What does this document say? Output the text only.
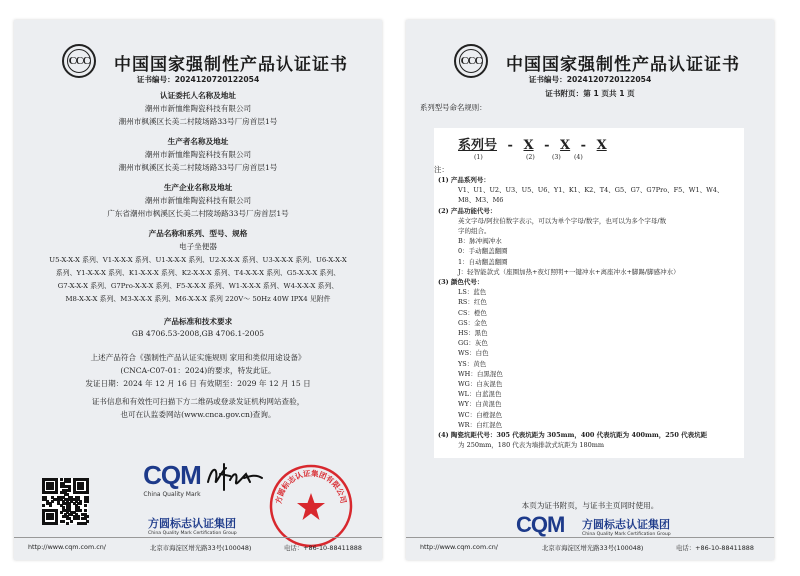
CCC	中国国家强制性产品认证证书
证书编号：2024120720122054
认证委托人名称及地址
潮州市新恤维陶瓷科技有限公司
潮州市枫溪区长美二村陵场路33号厂房首层1号
生产者名称及地址
潮州市新恤维陶瓷科技有限公司
潮州市枫溪区长美二村陵场路33号厂房首层1号
生产企业名称及地址
潮州市新恤维陶瓷科技有限公司
广东省潮州市枫溪区长美二村陵场路33号厂房首层1号
产品名称和系列、型号、规格
电子坐便器
U5-X-X-X 系列、V1-X-X-X 系列、U1-X-X-X 系列、U2-X-X-X 系列、U3-X-X-X 系列、U6-X-X-X
系列、Y1-X-X-X 系列、K1-X-X-X 系列、K2-X-X-X 系列、T4-X-X-X 系列、G5-X-X-X 系列、
G7-X-X-X 系列、G7Pro-X-X-X 系列、F5-X-X-X 系列、W1-X-X-X 系列、W4-X-X-X 系列、
M8-X-X-X 系列、M3-X-X-X 系列、M6-X-X-X 系列 220V～ 50Hz 40W IPX4 见附件
产品标准和技术要求
GB 4706.53-2008,GB 4706.1-2005
上述产品符合《强制性产品认证实施规则 家用和类似用途设备》
(CNCA-C07-01：2024)的要求，特发此证。
发证日期：2024 年 12 月 16 日 有效期至：2029 年 12 月 15 日
证书信息和有效性可扫描下方二维码或登录发证机构网站查验，
也可在认监委网站(www.cnca.gov.cn)查询。
CQM
China Quality Mark
方圆标志认证集团有限公司
方圆标志认证集团
China Quality Mark Certification Group
http://www.cqm.com.cn/	北京市海淀区增光路33号(100048)	电话：+86-10-88411888
CCC	中国国家强制性产品认证证书
证书编号：2024120720122054
证书附页：第 1 页共 1 页
系列型号命名规则：
系列号 - X - X - X
(1)	(2)	(3) (4)
注：
(1) 产品系列号：
V1、U1、U2、U3、U5、U6、Y1、K1、K2、T4、G5、G7、G7Pro、F5、W1、W4、
M8、M3、M6
(2) 产品功能代号：
英文字母/阿拉伯数字表示，可以为单个字母/数字，也可以为多个字母/数
字的组合。
B：脉冲阀冲水
0：手动翻盖翻圈
1：自动翻盖翻圈
J：轻智能款式（座圈加热+夜灯照明+一键冲水+离座冲水+脚踢/脚感冲水）
(3) 颜色代号：
LS：蓝色
RS：红色
CS：橙色
GS：金色
HS：黑色
GG：灰色
WS：白色
YS：黄色
WH：白黑混色
WG：白灰混色
WL：白蓝混色
WY：白黄混色
WC：白橙混色
WR：白红混色
(4) 陶瓷坑距代号：305 代表坑距为 305mm，400 代表坑距为 400mm，250 代表坑距
为 250mm，180 代表为墙排款式坑距为 180mm
本页为证书附页，与证书主页同时使用。
CQM 方圆标志认证集团
China Quality Mark Certification Group
http://www.cqm.com.cn/	北京市海淀区增光路33号(100048)	电话：+86-10-88411888
